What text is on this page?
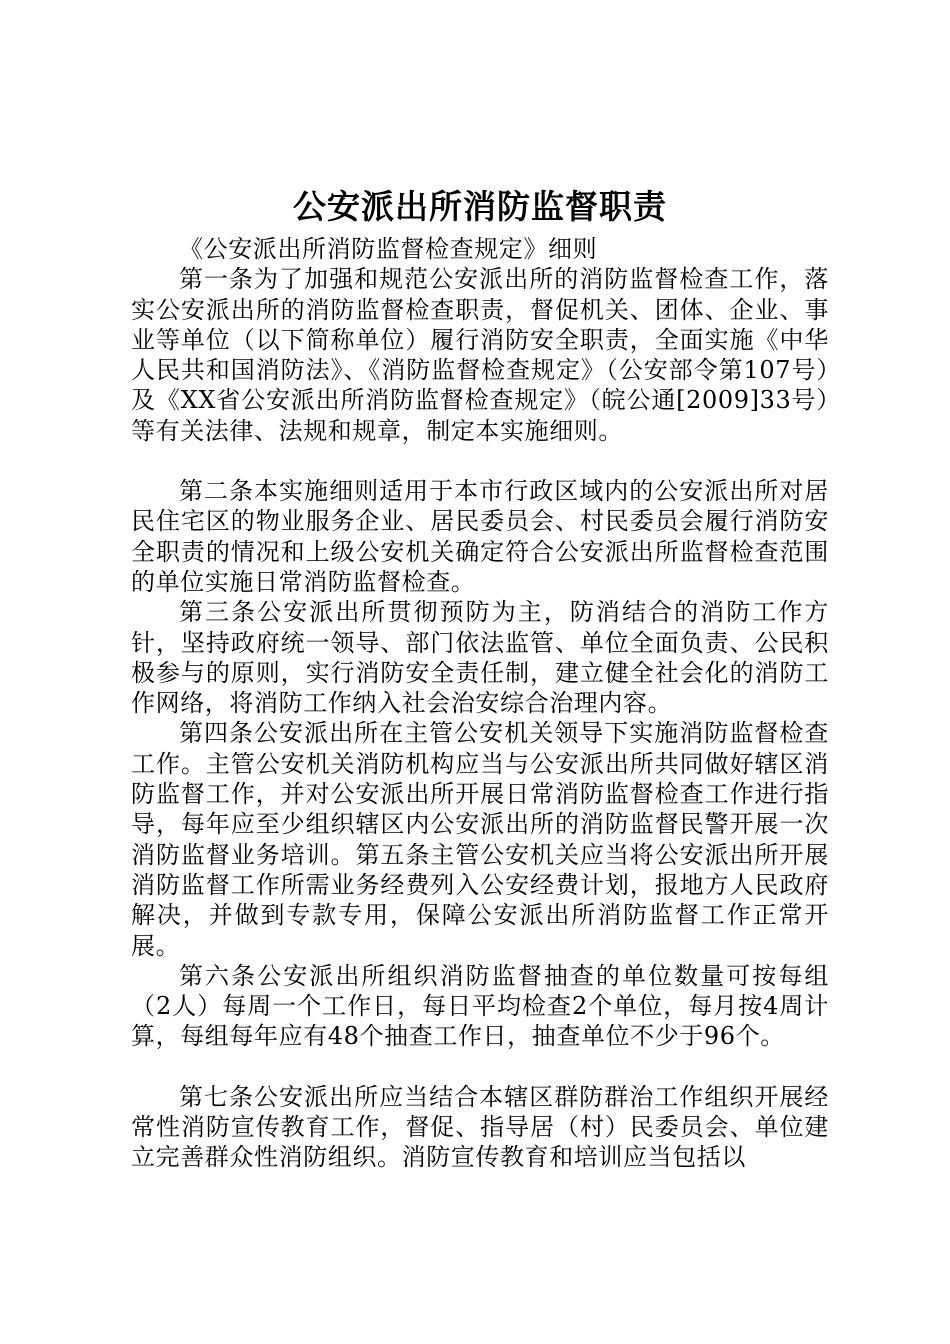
公安派出所消防监督职责

《公安派出所消防监督检查规定》细则

第一条为了加强和规范公安派出所的消防监督检查工作，落实公安派出所的消防监督检查职责，督促机关、团体、企业、事业等单位（以下简称单位）履行消防安全职责，全面实施《中华人民共和国消防法》、《消防监督检查规定》（公安部令第107号）及《XX省公安派出所消防监督检查规定》（皖公通[2009]33号）等有关法律、法规和规章，制定本实施细则。

第二条本实施细则适用于本市行政区域内的公安派出所对居民住宅区的物业服务企业、居民委员会、村民委员会履行消防安全职责的情况和上级公安机关确定符合公安派出所监督检查范围的单位实施日常消防监督检查。

第三条公安派出所贯彻预防为主，防消结合的消防工作方针，坚持政府统一领导、部门依法监管、单位全面负责、公民积极参与的原则，实行消防安全责任制，建立健全社会化的消防工作网络，将消防工作纳入社会治安综合治理内容。

第四条公安派出所在主管公安机关领导下实施消防监督检查工作。主管公安机关消防机构应当与公安派出所共同做好辖区消防监督工作，并对公安派出所开展日常消防监督检查工作进行指导，每年应至少组织辖区内公安派出所的消防监督民警开展一次消防监督业务培训。第五条主管公安机关应当将公安派出所开展消防监督工作所需业务经费列入公安经费计划，报地方人民政府解决，并做到专款专用，保障公安派出所消防监督工作正常开展。

第六条公安派出所组织消防监督抽查的单位数量可按每组（2人）每周一个工作日，每日平均检查2个单位，每月按4周计算，每组每年应有48个抽查工作日，抽查单位不少于96个。

第七条公安派出所应当结合本辖区群防群治工作组织开展经常性消防宣传教育工作，督促、指导居（村）民委员会、单位建立完善群众性消防组织。消防宣传教育和培训应当包括以
